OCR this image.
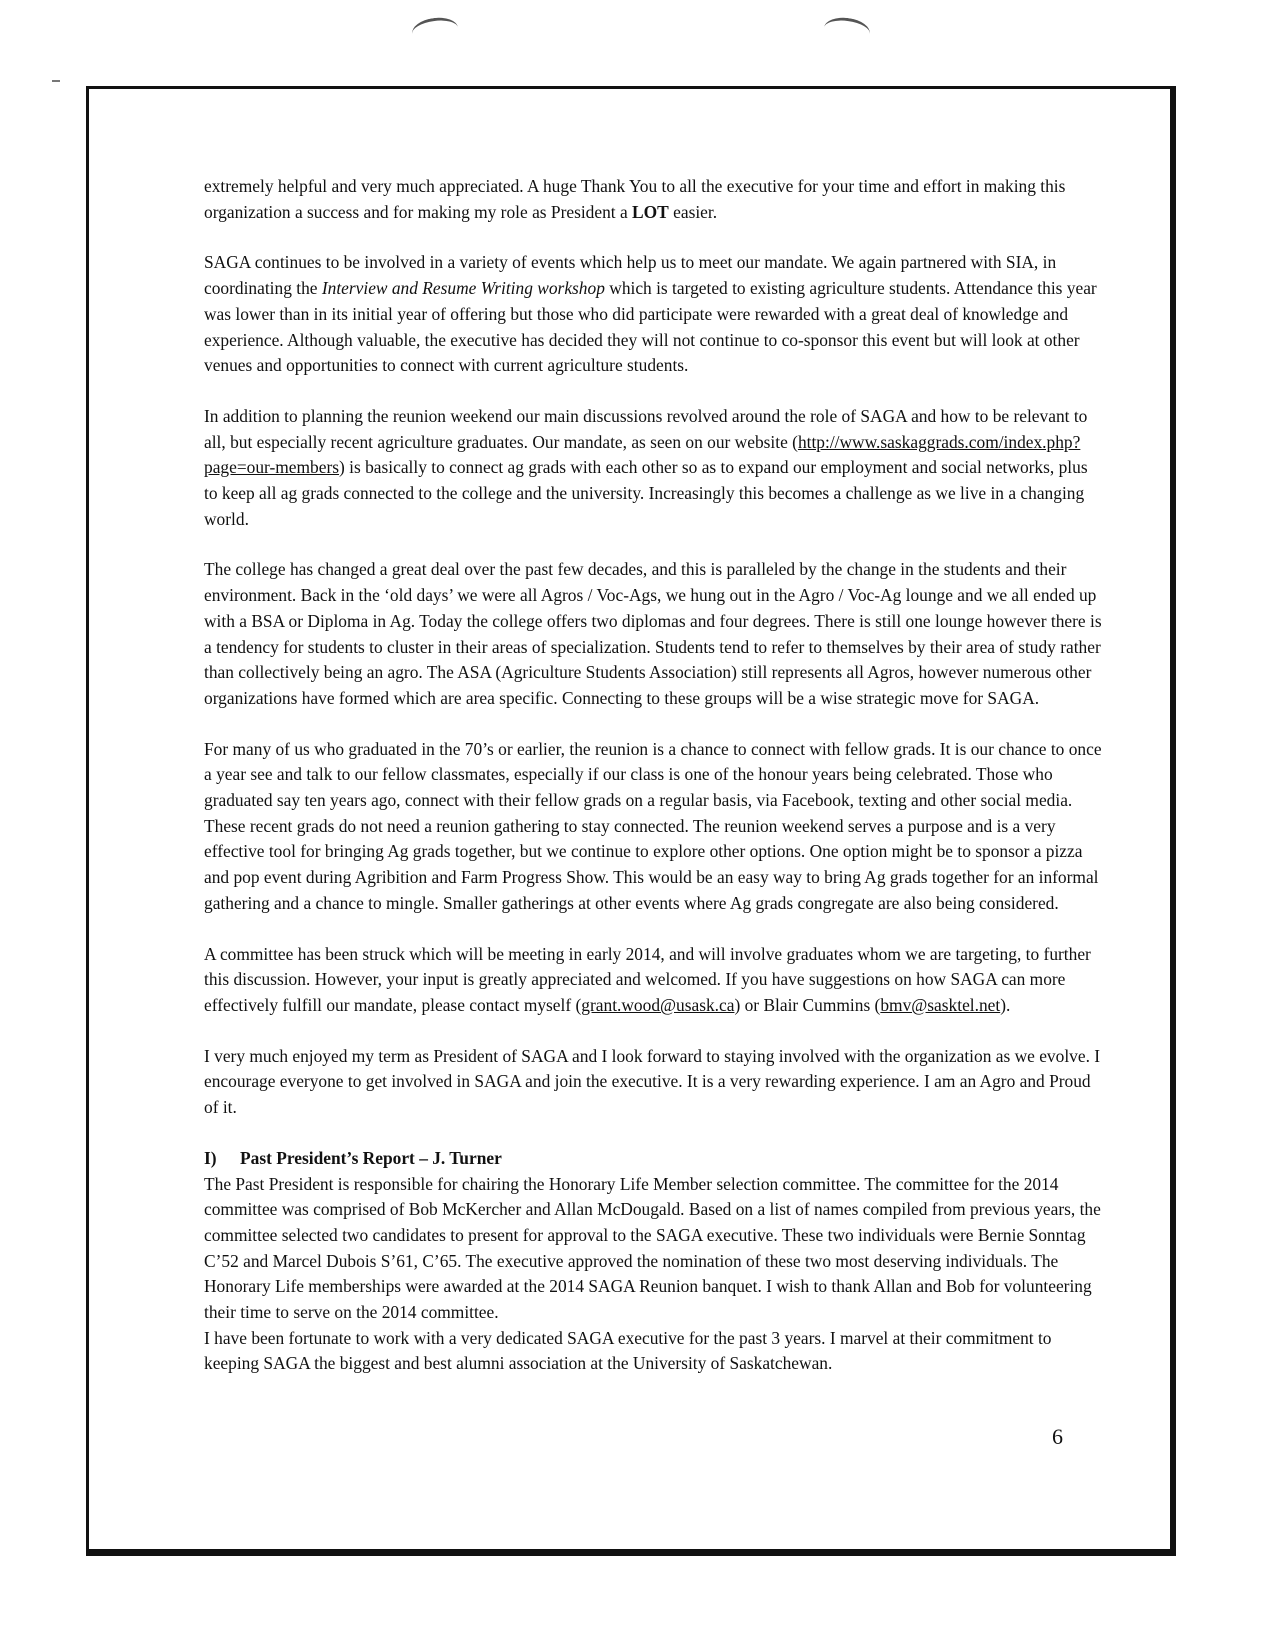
extremely helpful and very much appreciated. A huge Thank You to all the executive for your time and effort in making this organization a success and for making my role as President a LOT easier.

SAGA continues to be involved in a variety of events which help us to meet our mandate. We again partnered with SIA, in coordinating the Interview and Resume Writing workshop which is targeted to existing agriculture students. Attendance this year was lower than in its initial year of offering but those who did participate were rewarded with a great deal of knowledge and experience. Although valuable, the executive has decided they will not continue to co-sponsor this event but will look at other venues and opportunities to connect with current agriculture students.

In addition to planning the reunion weekend our main discussions revolved around the role of SAGA and how to be relevant to all, but especially recent agriculture graduates. Our mandate, as seen on our website (http://www.saskaggrads.com/index.php?page=our-members) is basically to connect ag grads with each other so as to expand our employment and social networks, plus to keep all ag grads connected to the college and the university. Increasingly this becomes a challenge as we live in a changing world.

The college has changed a great deal over the past few decades, and this is paralleled by the change in the students and their environment. Back in the ‘old days’ we were all Agros / Voc-Ags, we hung out in the Agro / Voc-Ag lounge and we all ended up with a BSA or Diploma in Ag. Today the college offers two diplomas and four degrees. There is still one lounge however there is a tendency for students to cluster in their areas of specialization. Students tend to refer to themselves by their area of study rather than collectively being an agro. The ASA (Agriculture Students Association) still represents all Agros, however numerous other organizations have formed which are area specific. Connecting to these groups will be a wise strategic move for SAGA.

For many of us who graduated in the 70’s or earlier, the reunion is a chance to connect with fellow grads. It is our chance to once a year see and talk to our fellow classmates, especially if our class is one of the honour years being celebrated. Those who graduated say ten years ago, connect with their fellow grads on a regular basis, via Facebook, texting and other social media. These recent grads do not need a reunion gathering to stay connected. The reunion weekend serves a purpose and is a very effective tool for bringing Ag grads together, but we continue to explore other options. One option might be to sponsor a pizza and pop event during Agribition and Farm Progress Show. This would be an easy way to bring Ag grads together for an informal gathering and a chance to mingle. Smaller gatherings at other events where Ag grads congregate are also being considered.

A committee has been struck which will be meeting in early 2014, and will involve graduates whom we are targeting, to further this discussion. However, your input is greatly appreciated and welcomed. If you have suggestions on how SAGA can more effectively fulfill our mandate, please contact myself (grant.wood@usask.ca) or Blair Cummins (bmv@sasktel.net).

I very much enjoyed my term as President of SAGA and I look forward to staying involved with the organization as we evolve. I encourage everyone to get involved in SAGA and join the executive. It is a very rewarding experience. I am an Agro and Proud of it.

I) Past President’s Report – J. Turner

The Past President is responsible for chairing the Honorary Life Member selection committee. The committee for the 2014 committee was comprised of Bob McKercher and Allan McDougald. Based on a list of names compiled from previous years, the committee selected two candidates to present for approval to the SAGA executive. These two individuals were Bernie Sonntag C’52 and Marcel Dubois S’61, C’65. The executive approved the nomination of these two most deserving individuals. The Honorary Life memberships were awarded at the 2014 SAGA Reunion banquet. I wish to thank Allan and Bob for volunteering their time to serve on the 2014 committee.

I have been fortunate to work with a very dedicated SAGA executive for the past 3 years. I marvel at their commitment to keeping SAGA the biggest and best alumni association at the University of Saskatchewan.

6
